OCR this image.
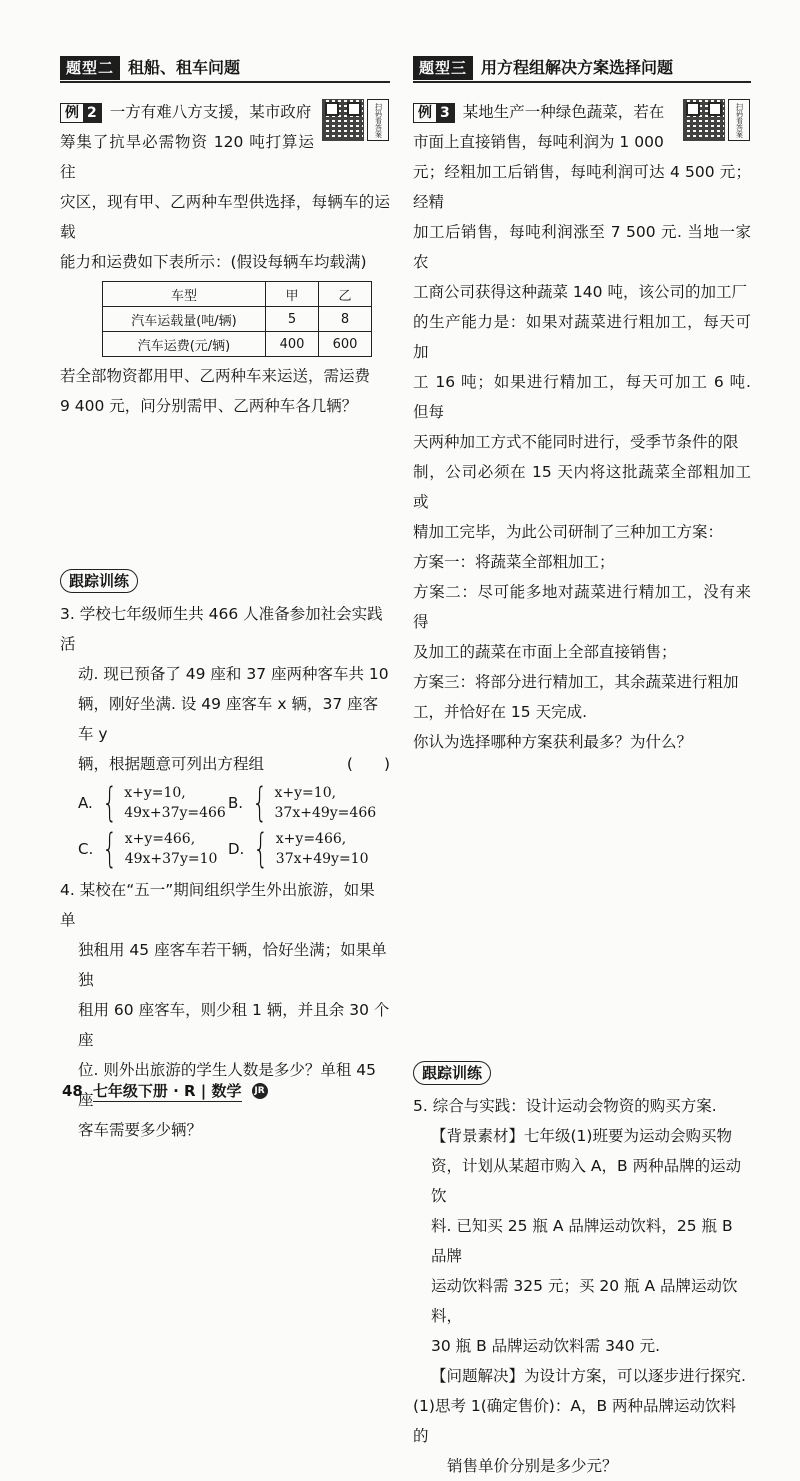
题型二 租船、租车问题
扫码看答案
例 2 一方有难八方支援，某市政府
筹集了抗旱必需物资 120 吨打算运往
灾区，现有甲、乙两种车型供选择，每辆车的运载
能力和运费如下表所示：(假设每辆车均载满)
车型	甲	乙
汽车运载量(吨/辆)	5	8
汽车运费(元/辆)	400	600
若全部物资都用甲、乙两种车来运送，需运费
9 400 元，问分别需甲、乙两种车各几辆？
跟踪训练
3. 学校七年级师生共 466 人准备参加社会实践活
动. 现已预备了 49 座和 37 座两种客车共 10
辆，刚好坐满. 设 49 座客车 x 辆，37 座客车 y
辆，根据题意可列出方程组	(　　)
A. { x+y=10,
49x+37y=466
B. { x+y=10,
37x+49y=466
C. { x+y=466,
49x+37y=10
D. { x+y=466,
37x+49y=10
4. 某校在“五一”期间组织学生外出旅游，如果单
独租用 45 座客车若干辆，恰好坐满；如果单独
租用 60 座客车，则少租 1 辆，并且余 30 个座
位. 则外出旅游的学生人数是多少？单租 45 座
客车需要多少辆？
题型三 用方程组解决方案选择问题
扫码看答案
例 3 某地生产一种绿色蔬菜，若在
市面上直接销售，每吨利润为 1 000
元；经粗加工后销售，每吨利润可达 4 500 元；经精
加工后销售，每吨利润涨至 7 500 元. 当地一家农
工商公司获得这种蔬菜 140 吨，该公司的加工厂
的生产能力是：如果对蔬菜进行粗加工，每天可加
工 16 吨；如果进行精加工，每天可加工 6 吨. 但每
天两种加工方式不能同时进行，受季节条件的限
制，公司必须在 15 天内将这批蔬菜全部粗加工或
精加工完毕，为此公司研制了三种加工方案：
方案一：将蔬菜全部粗加工；
方案二：尽可能多地对蔬菜进行精加工，没有来得
及加工的蔬菜在市面上全部直接销售；
方案三：将部分进行精加工，其余蔬菜进行粗加
工，并恰好在 15 天完成.
你认为选择哪种方案获利最多？为什么？
跟踪训练
5. 综合与实践：设计运动会物资的购买方案.
【背景素材】七年级(1)班要为运动会购买物
资，计划从某超市购入 A，B 两种品牌的运动饮
料. 已知买 25 瓶 A 品牌运动饮料，25 瓶 B 品牌
运动饮料需 325 元；买 20 瓶 A 品牌运动饮料，
30 瓶 B 品牌运动饮料需 340 元.
【问题解决】为设计方案，可以逐步进行探究.
(1)思考 1(确定售价)：A，B 两种品牌运动饮料的
销售单价分别是多少元？
48 七年级下册 · R | 数学	JR
